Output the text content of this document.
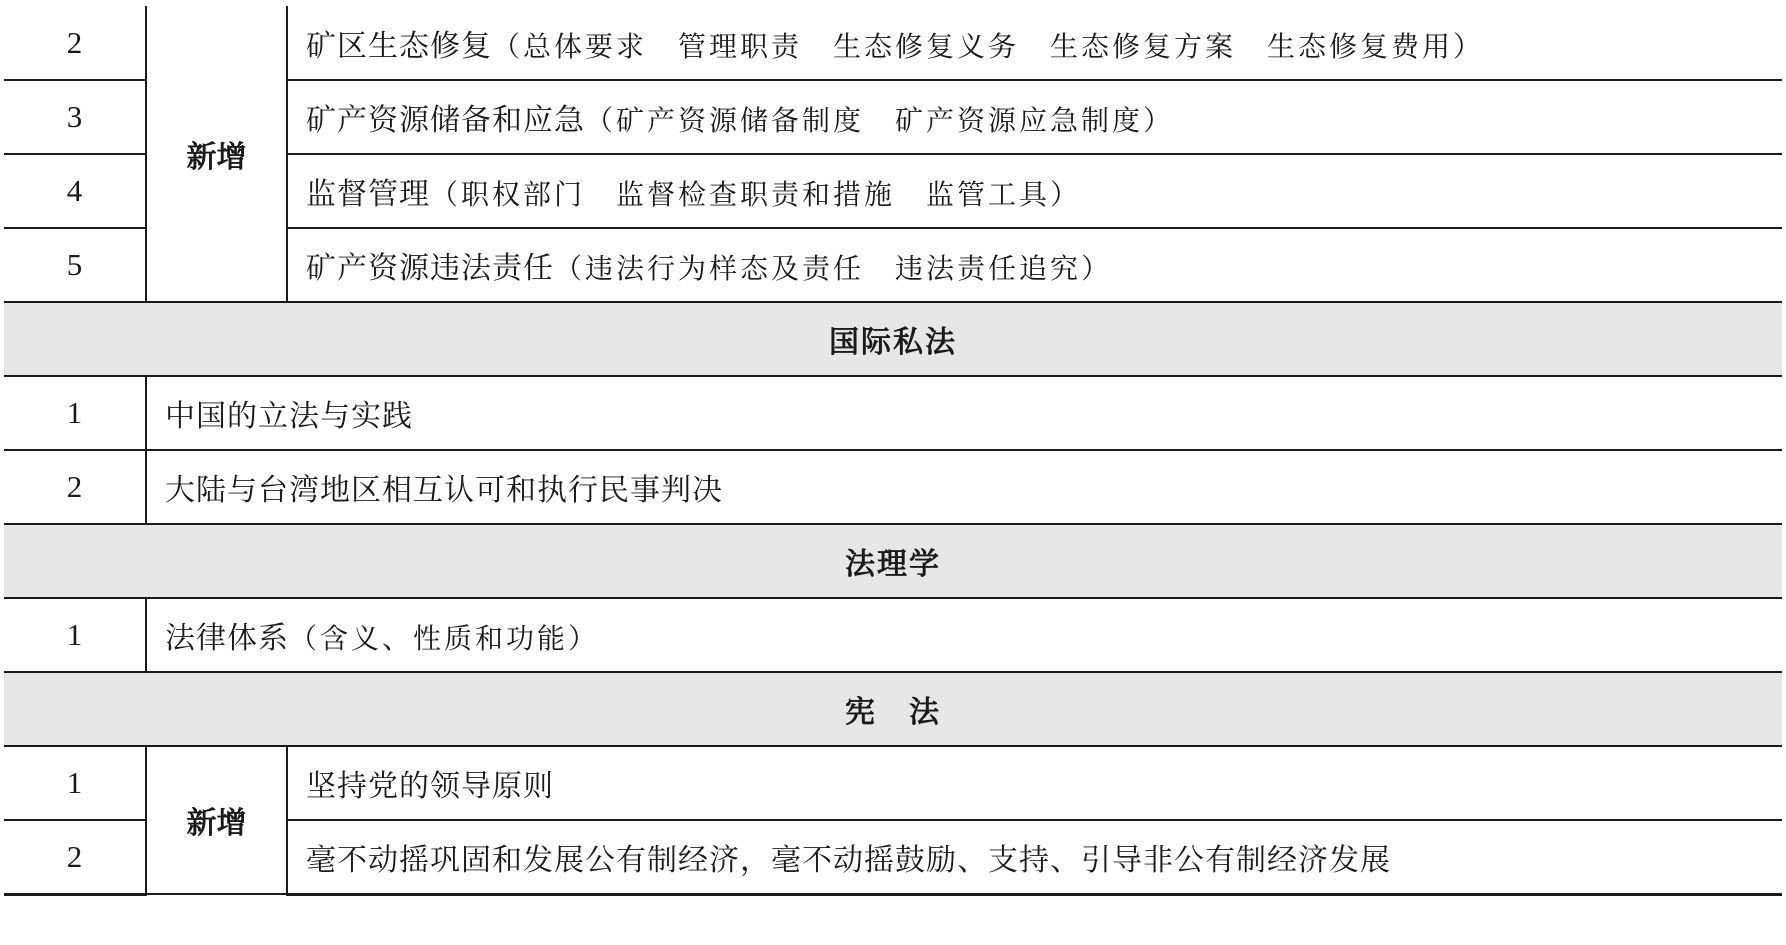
2	新增	矿区生态修复（总体要求　管理职责　生态修复义务　生态修复方案　生态修复费用）
3		矿产资源储备和应急（矿产资源储备制度　矿产资源应急制度）
4		监督管理（职权部门　监督检查职责和措施　监管工具）
5		矿产资源违法责任（违法行为样态及责任　违法责任追究）
国际私法		
1	中国的立法与实践	
2	大陆与台湾地区相互认可和执行民事判决	
法理学		
1	法律体系（含义、性质和功能）	
宪　法		
1	新增	坚持党的领导原则
2		毫不动摇巩固和发展公有制经济，毫不动摇鼓励、支持、引导非公有制经济发展
